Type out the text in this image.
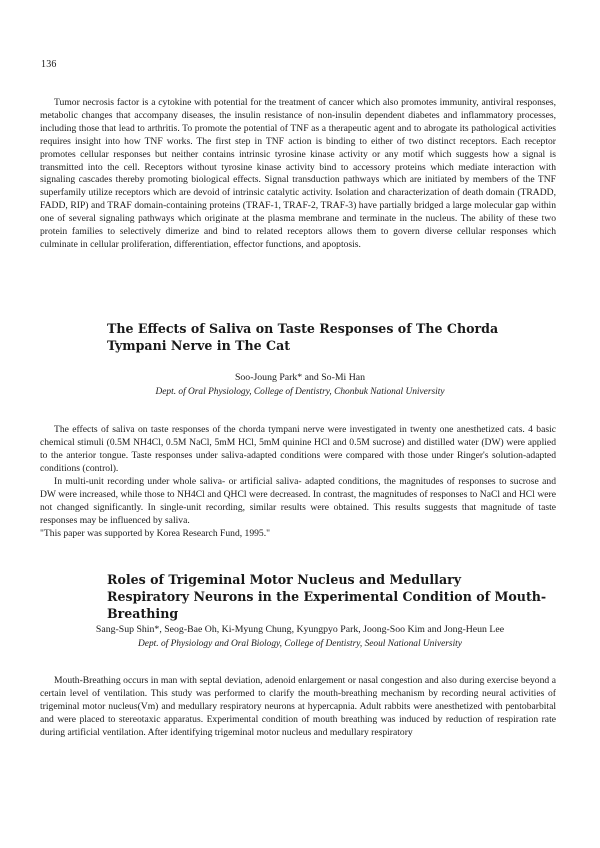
136

Tumor necrosis factor is a cytokine with potential for the treatment of cancer which also promotes immunity, antiviral responses, metabolic changes that accompany diseases, the insulin resistance of non-insulin dependent diabetes and inflammatory processes, including those that lead to arthritis. To promote the potential of TNF as a therapeutic agent and to abrogate its pathological activities requires insight into how TNF works. The first step in TNF action is binding to either of two distinct receptors. Each receptor promotes cellular responses but neither contains intrinsic tyrosine kinase activity or any motif which suggests how a signal is transmitted into the cell. Receptors without tyrosine kinase activity bind to accessory proteins which mediate interaction with signaling cascades thereby promoting biological effects. Signal transduction pathways which are initiated by members of the TNF superfamily utilize receptors which are devoid of intrinsic catalytic activity. Isolation and characterization of death domain (TRADD, FADD, RIP) and TRAF domain-containing proteins (TRAF-1, TRAF-2, TRAF-3) have partially bridged a large molecular gap within one of several signaling pathways which originate at the plasma membrane and terminate in the nucleus. The ability of these two protein families to selectively dimerize and bind to related receptors allows them to govern diverse cellular responses which culminate in cellular proliferation, differentiation, effector functions, and apoptosis.

The Effects of Saliva on Taste Responses of The Chorda Tympani Nerve in The Cat

Soo-Joung Park* and So-Mi Han

Dept. of Oral Physiology, College of Dentistry, Chonbuk National University

The effects of saliva on taste responses of the chorda tympani nerve were investigated in twenty one anesthetized cats. 4 basic chemical stimuli (0.5M NH4Cl, 0.5M NaCl, 5mM HCl, 5mM quinine HCl and 0.5M sucrose) and distilled water (DW) were applied to the anterior tongue. Taste responses under saliva-adapted conditions were compared with those under Ringer's solution-adapted conditions (control).

In multi-unit recording under whole saliva- or artificial saliva- adapted conditions, the magnitudes of responses to sucrose and DW were increased, while those to NH4Cl and QHCl were decreased. In contrast, the magnitudes of responses to NaCl and HCl were not changed significantly. In single-unit recording, similar results were obtained. This results suggests that magnitude of taste responses may be influenced by saliva.

"This paper was supported by Korea Research Fund, 1995."

Roles of Trigeminal Motor Nucleus and Medullary Respiratory Neurons in the Experimental Condition of Mouth-Breathing

Sang-Sup Shin*, Seog-Bae Oh, Ki-Myung Chung, Kyungpyo Park, Joong-Soo Kim and Jong-Heun Lee

Dept. of Physiology and Oral Biology, College of Dentistry, Seoul National University

Mouth-Breathing occurs in man with septal deviation, adenoid enlargement or nasal congestion and also during exercise beyond a certain level of ventilation. This study was performed to clarify the mouth-breathing mechanism by recording neural activities of trigeminal motor nucleus(Vm) and medullary respiratory neurons at hypercapnia. Adult rabbits were anesthetized with pentobarbital and were placed to stereotaxic apparatus. Experimental condition of mouth breathing was induced by reduction of respiration rate during artificial ventilation. After identifying trigeminal motor nucleus and medullary respiratory
